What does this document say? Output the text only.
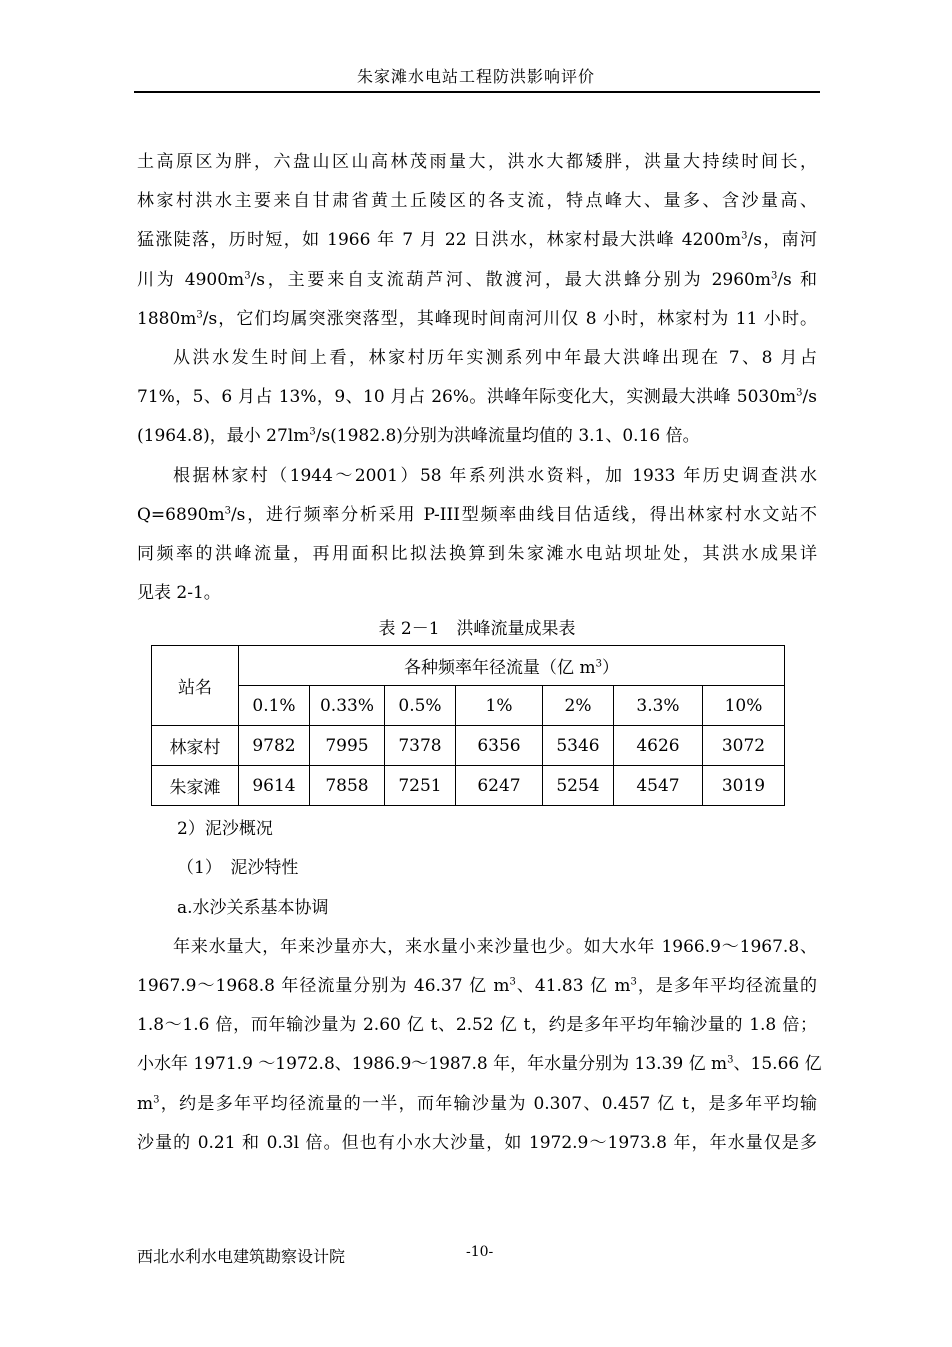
朱家滩水电站工程防洪影响评价
土高原区为胖，六盘山区山高林茂雨量大，洪水大都矮胖，洪量大持续时间长，
林家村洪水主要来自甘肃省黄土丘陵区的各支流，特点峰大、量多、含沙量高、
猛涨陡落，历时短，如 1966 年 7 月 22 日洪水，林家村最大洪峰 $4200m^3/s$，南河
川为 $4900m^3/s$，主要来自支流葫芦河、散渡河，最大洪蜂分别为 $2960m^3/s$ 和
$1880m^3/s$，它们均属突涨突落型，其峰现时间南河川仅 8 小时，林家村为 11 小时。
从洪水发生时间上看，林家村历年实测系列中年最大洪峰出现在 7、8 月占
71%，5、6 月占 13%，9、10 月占 26%。洪峰年际变化大，实测最大洪峰 $5030m^3/s$
(1964.8)，最小 $27lm^3/s(1982.8)$分别为洪峰流量均值的 3.1、0.16 倍。
根据林家村（1944～2001）58 年系列洪水资料，加 1933 年历史调查洪水
$Q=6890m^3/s$，进行频率分析采用 P-III型频率曲线目估适线，得出林家村水文站不
同频率的洪峰流量，再用面积比拟法换算到朱家滩水电站坝址处，其洪水成果详
见表 2-1。
表 2－1　洪峰流量成果表
站名	各种频率年径流量（亿 $m^3$）						
	0.1%	0.33%	0.5%	1%	2%	3.3%	10%
林家村	9782	7995	7378	6356	5346	4626	3072
朱家滩	9614	7858	7251	6247	5254	4547	3019
2）泥沙概况
（1）　泥沙特性
a.水沙关系基本协调
年来水量大，年来沙量亦大，来水量小来沙量也少。如大水年 1966.9～1967.8、
1967.9～1968.8 年径流量分别为 46.37 亿 $m^3$、41.83 亿 $m^3$，是多年平均径流量的
1.8～1.6 倍，而年输沙量为 2.60 亿 t、2.52 亿 t，约是多年平均年输沙量的 1.8 倍；
小水年 1971.9 ～1972.8、1986.9～1987.8 年，年水量分别为 13.39 亿 $m^3$、15.66 亿
$m^3$，约是多年平均径流量的一半，而年输沙量为 0.307、0.457 亿 t，是多年平均输
沙量的 0.21 和 0.3l 倍。但也有小水大沙量，如 1972.9～1973.8 年，年水量仅是多
西北水利水电建筑勘察设计院	-10-
